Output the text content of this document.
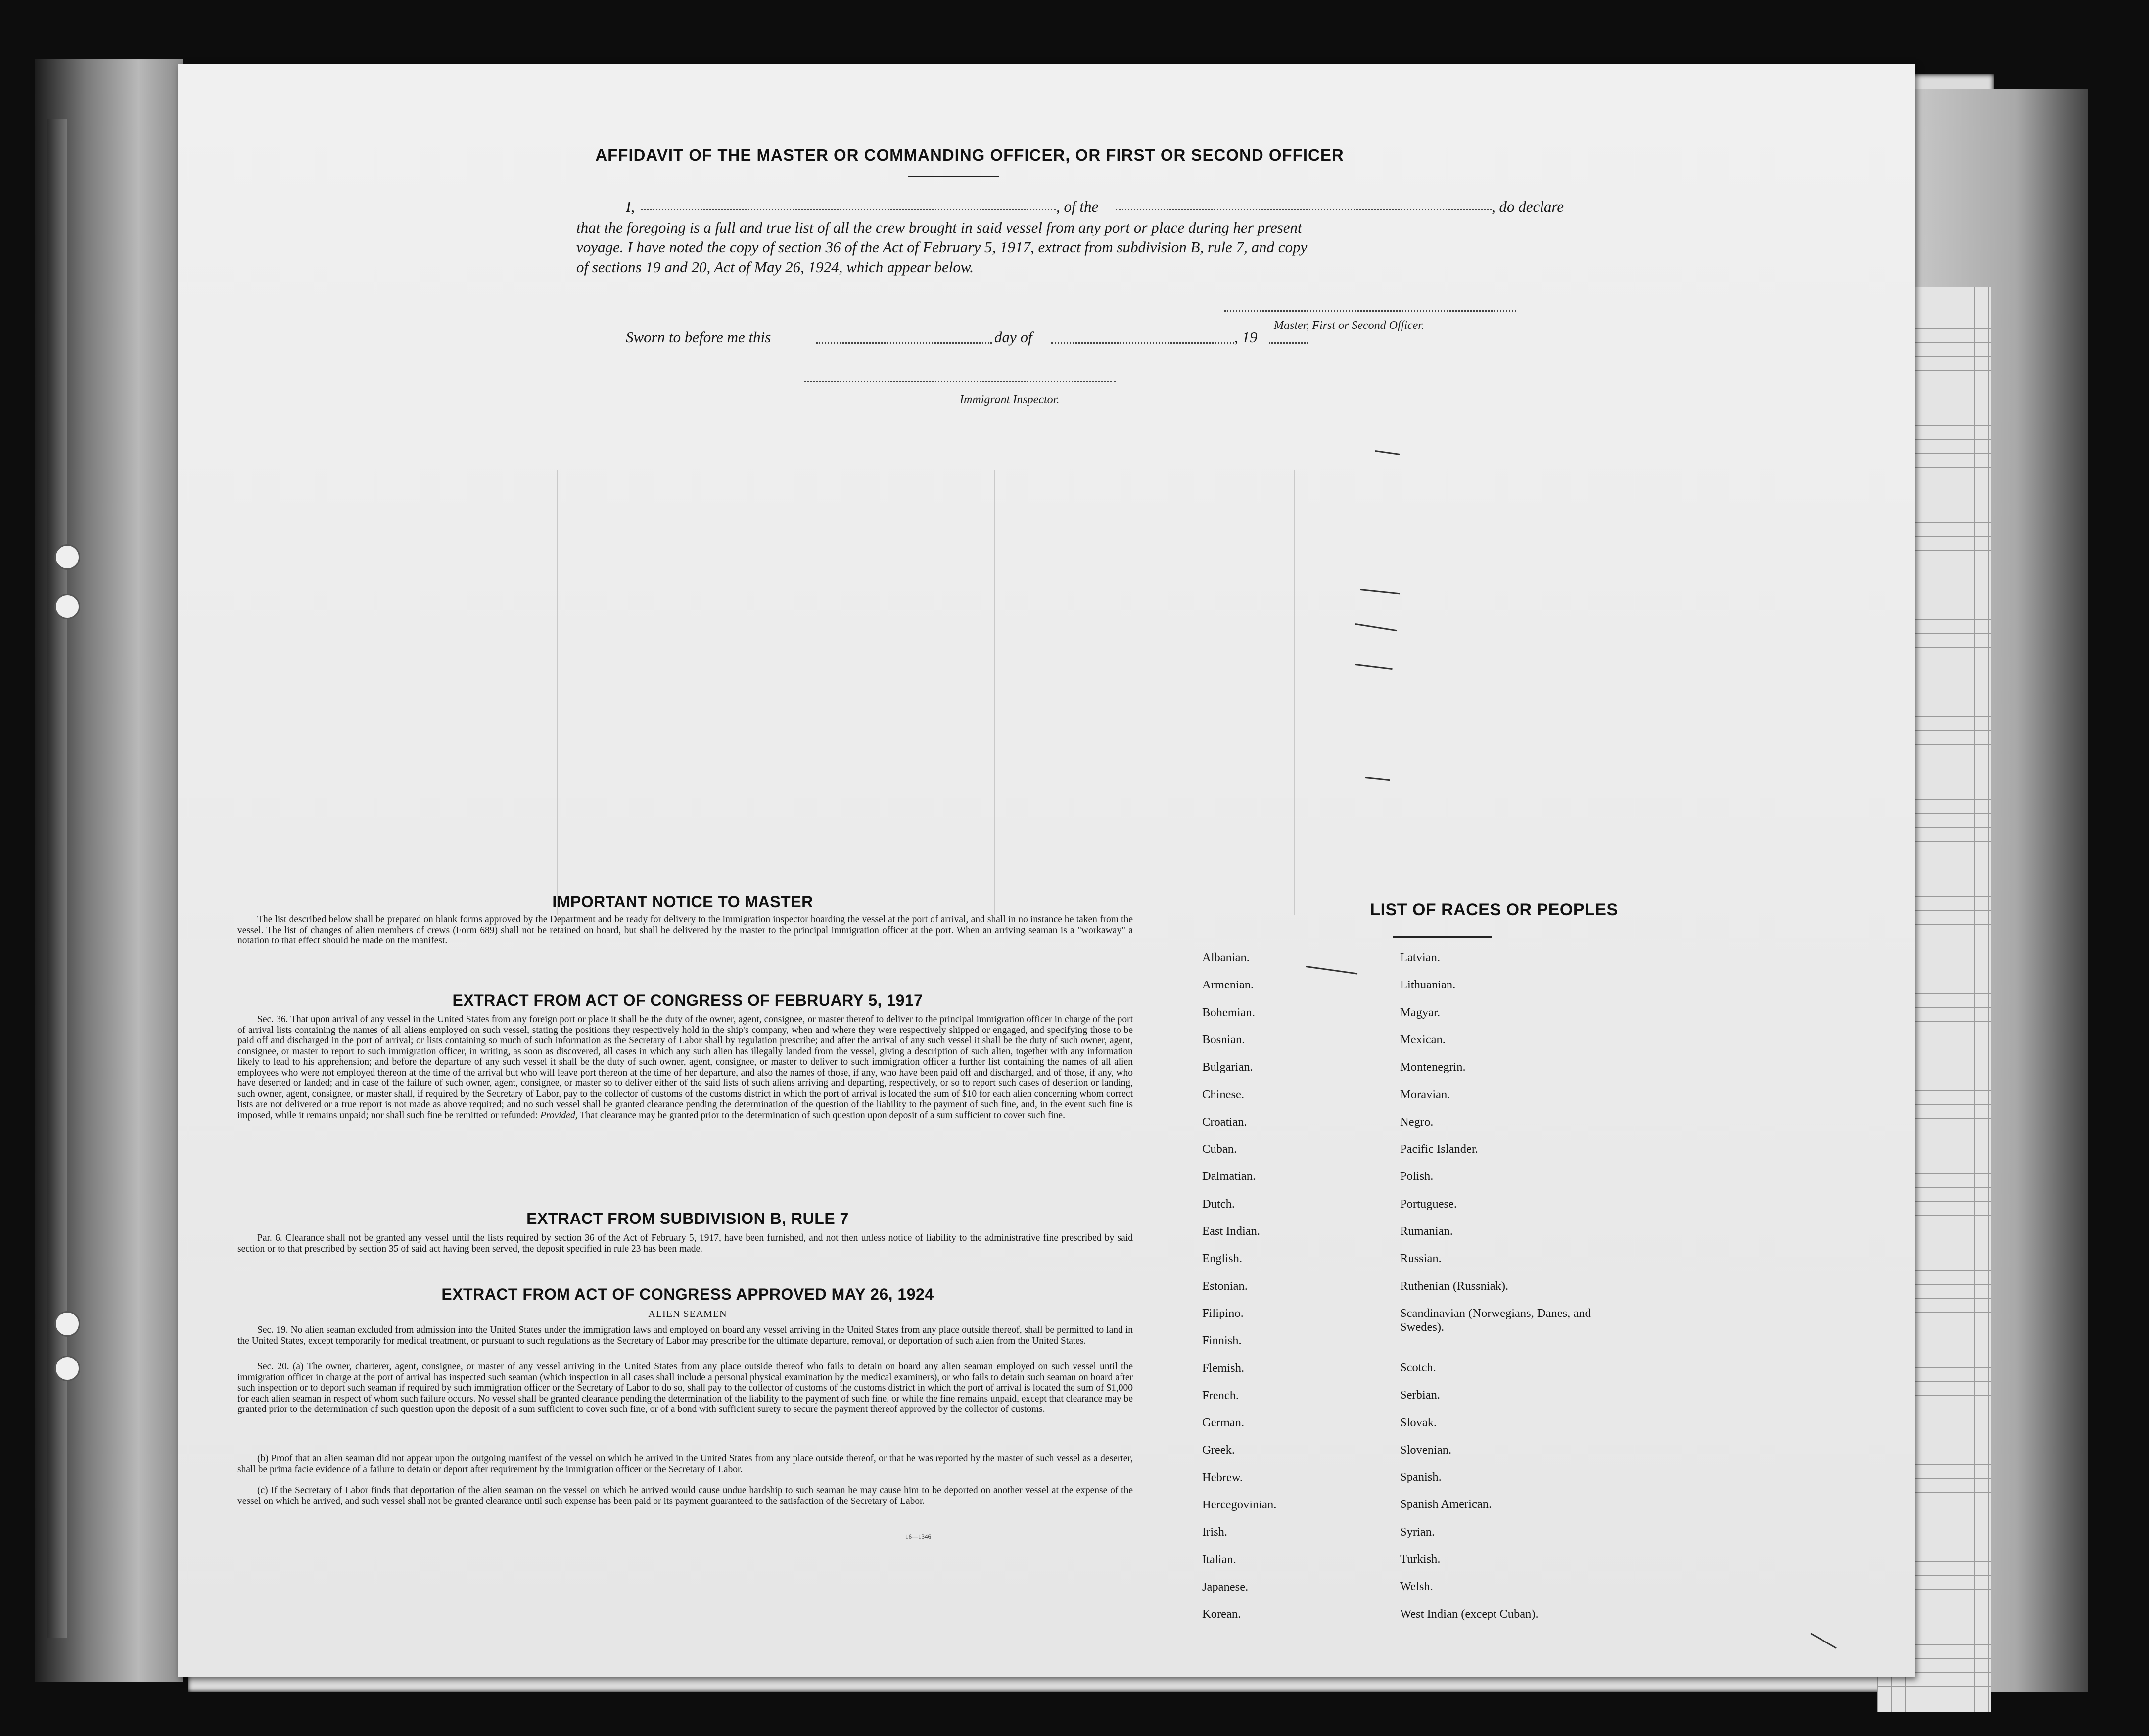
AFFIDAVIT OF THE MASTER OR COMMANDING OFFICER, OR FIRST OR SECOND OFFICER
I,	, of the	, do declare
that the foregoing is a full and true list of all the crew brought in said vessel from any port or place during her present
voyage. I have noted the copy of section 36 of the Act of February 5, 1917, extract from subdivision B, rule 7, and copy
of sections 19 and 20, Act of May 26, 1924, which appear below.
Master, First or Second Officer.
Sworn to before me this	day of	, 19
Immigrant Inspector.
IMPORTANT NOTICE TO MASTER
The list described below shall be prepared on blank forms approved by the Department and be ready for delivery to the immigration inspector boarding the vessel at the port of arrival, and shall in no instance be taken from the vessel. The list of changes of alien members of crews (Form 689) shall not be retained on board, but shall be delivered by the master to the principal immigration officer at the port. When an arriving seaman is a "workaway" a notation to that effect should be made on the manifest.
EXTRACT FROM ACT OF CONGRESS OF FEBRUARY 5, 1917
Sec. 36. That upon arrival of any vessel in the United States from any foreign port or place it shall be the duty of the owner, agent, consignee, or master thereof to deliver to the principal immigration officer in charge of the port of arrival lists containing the names of all aliens employed on such vessel, stating the positions they respectively hold in the ship's company, when and where they were respectively shipped or engaged, and specifying those to be paid off and discharged in the port of arrival; or lists containing so much of such information as the Secretary of Labor shall by regulation prescribe; and after the arrival of any such vessel it shall be the duty of such owner, agent, consignee, or master to report to such immigration officer, in writing, as soon as discovered, all cases in which any such alien has illegally landed from the vessel, giving a description of such alien, together with any information likely to lead to his apprehension; and before the departure of any such vessel it shall be the duty of such owner, agent, consignee, or master to deliver to such immigration officer a further list containing the names of all alien employees who were not employed thereon at the time of the arrival but who will leave port thereon at the time of her departure, and also the names of those, if any, who have been paid off and discharged, and of those, if any, who have deserted or landed; and in case of the failure of such owner, agent, consignee, or master so to deliver either of the said lists of such aliens arriving and departing, respectively, or so to report such cases of desertion or landing, such owner, agent, consignee, or master shall, if required by the Secretary of Labor, pay to the collector of customs of the customs district in which the port of arrival is located the sum of $10 for each alien concerning whom correct lists are not delivered or a true report is not made as above required; and no such vessel shall be granted clearance pending the determination of the question of the liability to the payment of such fine, and, in the event such fine is imposed, while it remains unpaid; nor shall such fine be remitted or refunded: Provided, That clearance may be granted prior to the determination of such question upon deposit of a sum sufficient to cover such fine.
EXTRACT FROM SUBDIVISION B, RULE 7
Par. 6. Clearance shall not be granted any vessel until the lists required by section 36 of the Act of February 5, 1917, have been furnished, and not then unless notice of liability to the administrative fine prescribed by said section or to that prescribed by section 35 of said act having been served, the deposit specified in rule 23 has been made.
EXTRACT FROM ACT OF CONGRESS APPROVED MAY 26, 1924
ALIEN SEAMEN
Sec. 19. No alien seaman excluded from admission into the United States under the immigration laws and employed on board any vessel arriving in the United States from any place outside thereof, shall be permitted to land in the United States, except temporarily for medical treatment, or pursuant to such regulations as the Secretary of Labor may prescribe for the ultimate departure, removal, or deportation of such alien from the United States.
Sec. 20. (a) The owner, charterer, agent, consignee, or master of any vessel arriving in the United States from any place outside thereof who fails to detain on board any alien seaman employed on such vessel until the immigration officer in charge at the port of arrival has inspected such seaman (which inspection in all cases shall include a personal physical examination by the medical examiners), or who fails to detain such seaman on board after such inspection or to deport such seaman if required by such immigration officer or the Secretary of Labor to do so, shall pay to the collector of customs of the customs district in which the port of arrival is located the sum of $1,000 for each alien seaman in respect of whom such failure occurs. No vessel shall be granted clearance pending the determination of the liability to the payment of such fine, or while the fine remains unpaid, except that clearance may be granted prior to the determination of such question upon the deposit of a sum sufficient to cover such fine, or of a bond with sufficient surety to secure the payment thereof approved by the collector of customs.
(b) Proof that an alien seaman did not appear upon the outgoing manifest of the vessel on which he arrived in the United States from any place outside thereof, or that he was reported by the master of such vessel as a deserter, shall be prima facie evidence of a failure to detain or deport after requirement by the immigration officer or the Secretary of Labor.
(c) If the Secretary of Labor finds that deportation of the alien seaman on the vessel on which he arrived would cause undue hardship to such seaman he may cause him to be deported on another vessel at the expense of the vessel on which he arrived, and such vessel shall not be granted clearance until such expense has been paid or its payment guaranteed to the satisfaction of the Secretary of Labor.
16—1346
LIST OF RACES OR PEOPLES
Albanian.
Armenian.
Bohemian.
Bosnian.
Bulgarian.
Chinese.
Croatian.
Cuban.
Dalmatian.
Dutch.
East Indian.
English.
Estonian.
Filipino.
Finnish.
Flemish.
French.
German.
Greek.
Hebrew.
Hercegovinian.
Irish.
Italian.
Japanese.
Korean.
Latvian.
Lithuanian.
Magyar.
Mexican.
Montenegrin.
Moravian.
Negro.
Pacific Islander.
Polish.
Portuguese.
Rumanian.
Russian.
Ruthenian (Russniak).
Scandinavian (Norwegians, Danes, and Swedes).
Scotch.
Serbian.
Slovak.
Slovenian.
Spanish.
Spanish American.
Syrian.
Turkish.
Welsh.
West Indian (except Cuban).
